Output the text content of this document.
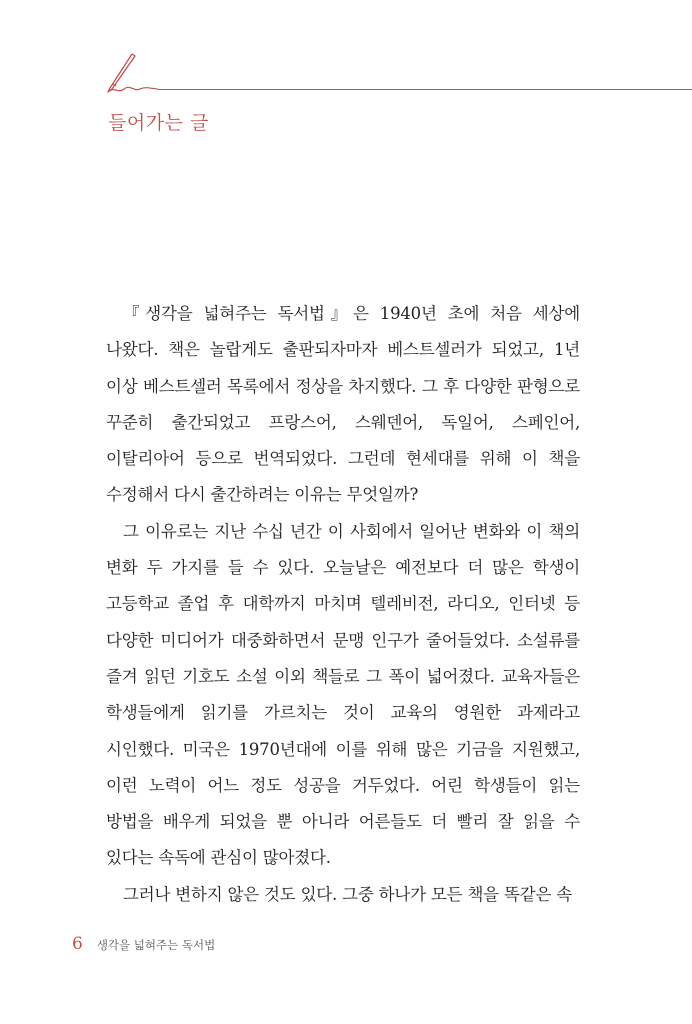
들어가는 글

『생각을 넓혀주는 독서법』은 1940년 초에 처음 세상에 나왔다. 책은 놀랍게도 출판되자마자 베스트셀러가 되었고, 1년 이상 베스트셀러 목록에서 정상을 차지했다. 그 후 다양한 판형으로 꾸준히 출간되었고 프랑스어, 스웨덴어, 독일어, 스페인어, 이탈리아어 등으로 번역되었다. 그런데 현세대를 위해 이 책을 수정해서 다시 출간하려는 이유는 무엇일까?

그 이유로는 지난 수십 년간 이 사회에서 일어난 변화와 이 책의 변화 두 가지를 들 수 있다. 오늘날은 예전보다 더 많은 학생이 고등학교 졸업 후 대학까지 마치며 텔레비전, 라디오, 인터넷 등 다양한 미디어가 대중화하면서 문맹 인구가 줄어들었다. 소설류를 즐겨 읽던 기호도 소설 이외 책들로 그 폭이 넓어졌다. 교육자들은 학생들에게 읽기를 가르치는 것이 교육의 영원한 과제라고 시인했다. 미국은 1970년대에 이를 위해 많은 기금을 지원했고, 이런 노력이 어느 정도 성공을 거두었다. 어린 학생들이 읽는 방법을 배우게 되었을 뿐 아니라 어른들도 더 빨리 잘 읽을 수 있다는 속독에 관심이 많아졌다.

그러나 변하지 않은 것도 있다. 그중 하나가 모든 책을 똑같은 속

6 생각을 넓혀주는 독서법
